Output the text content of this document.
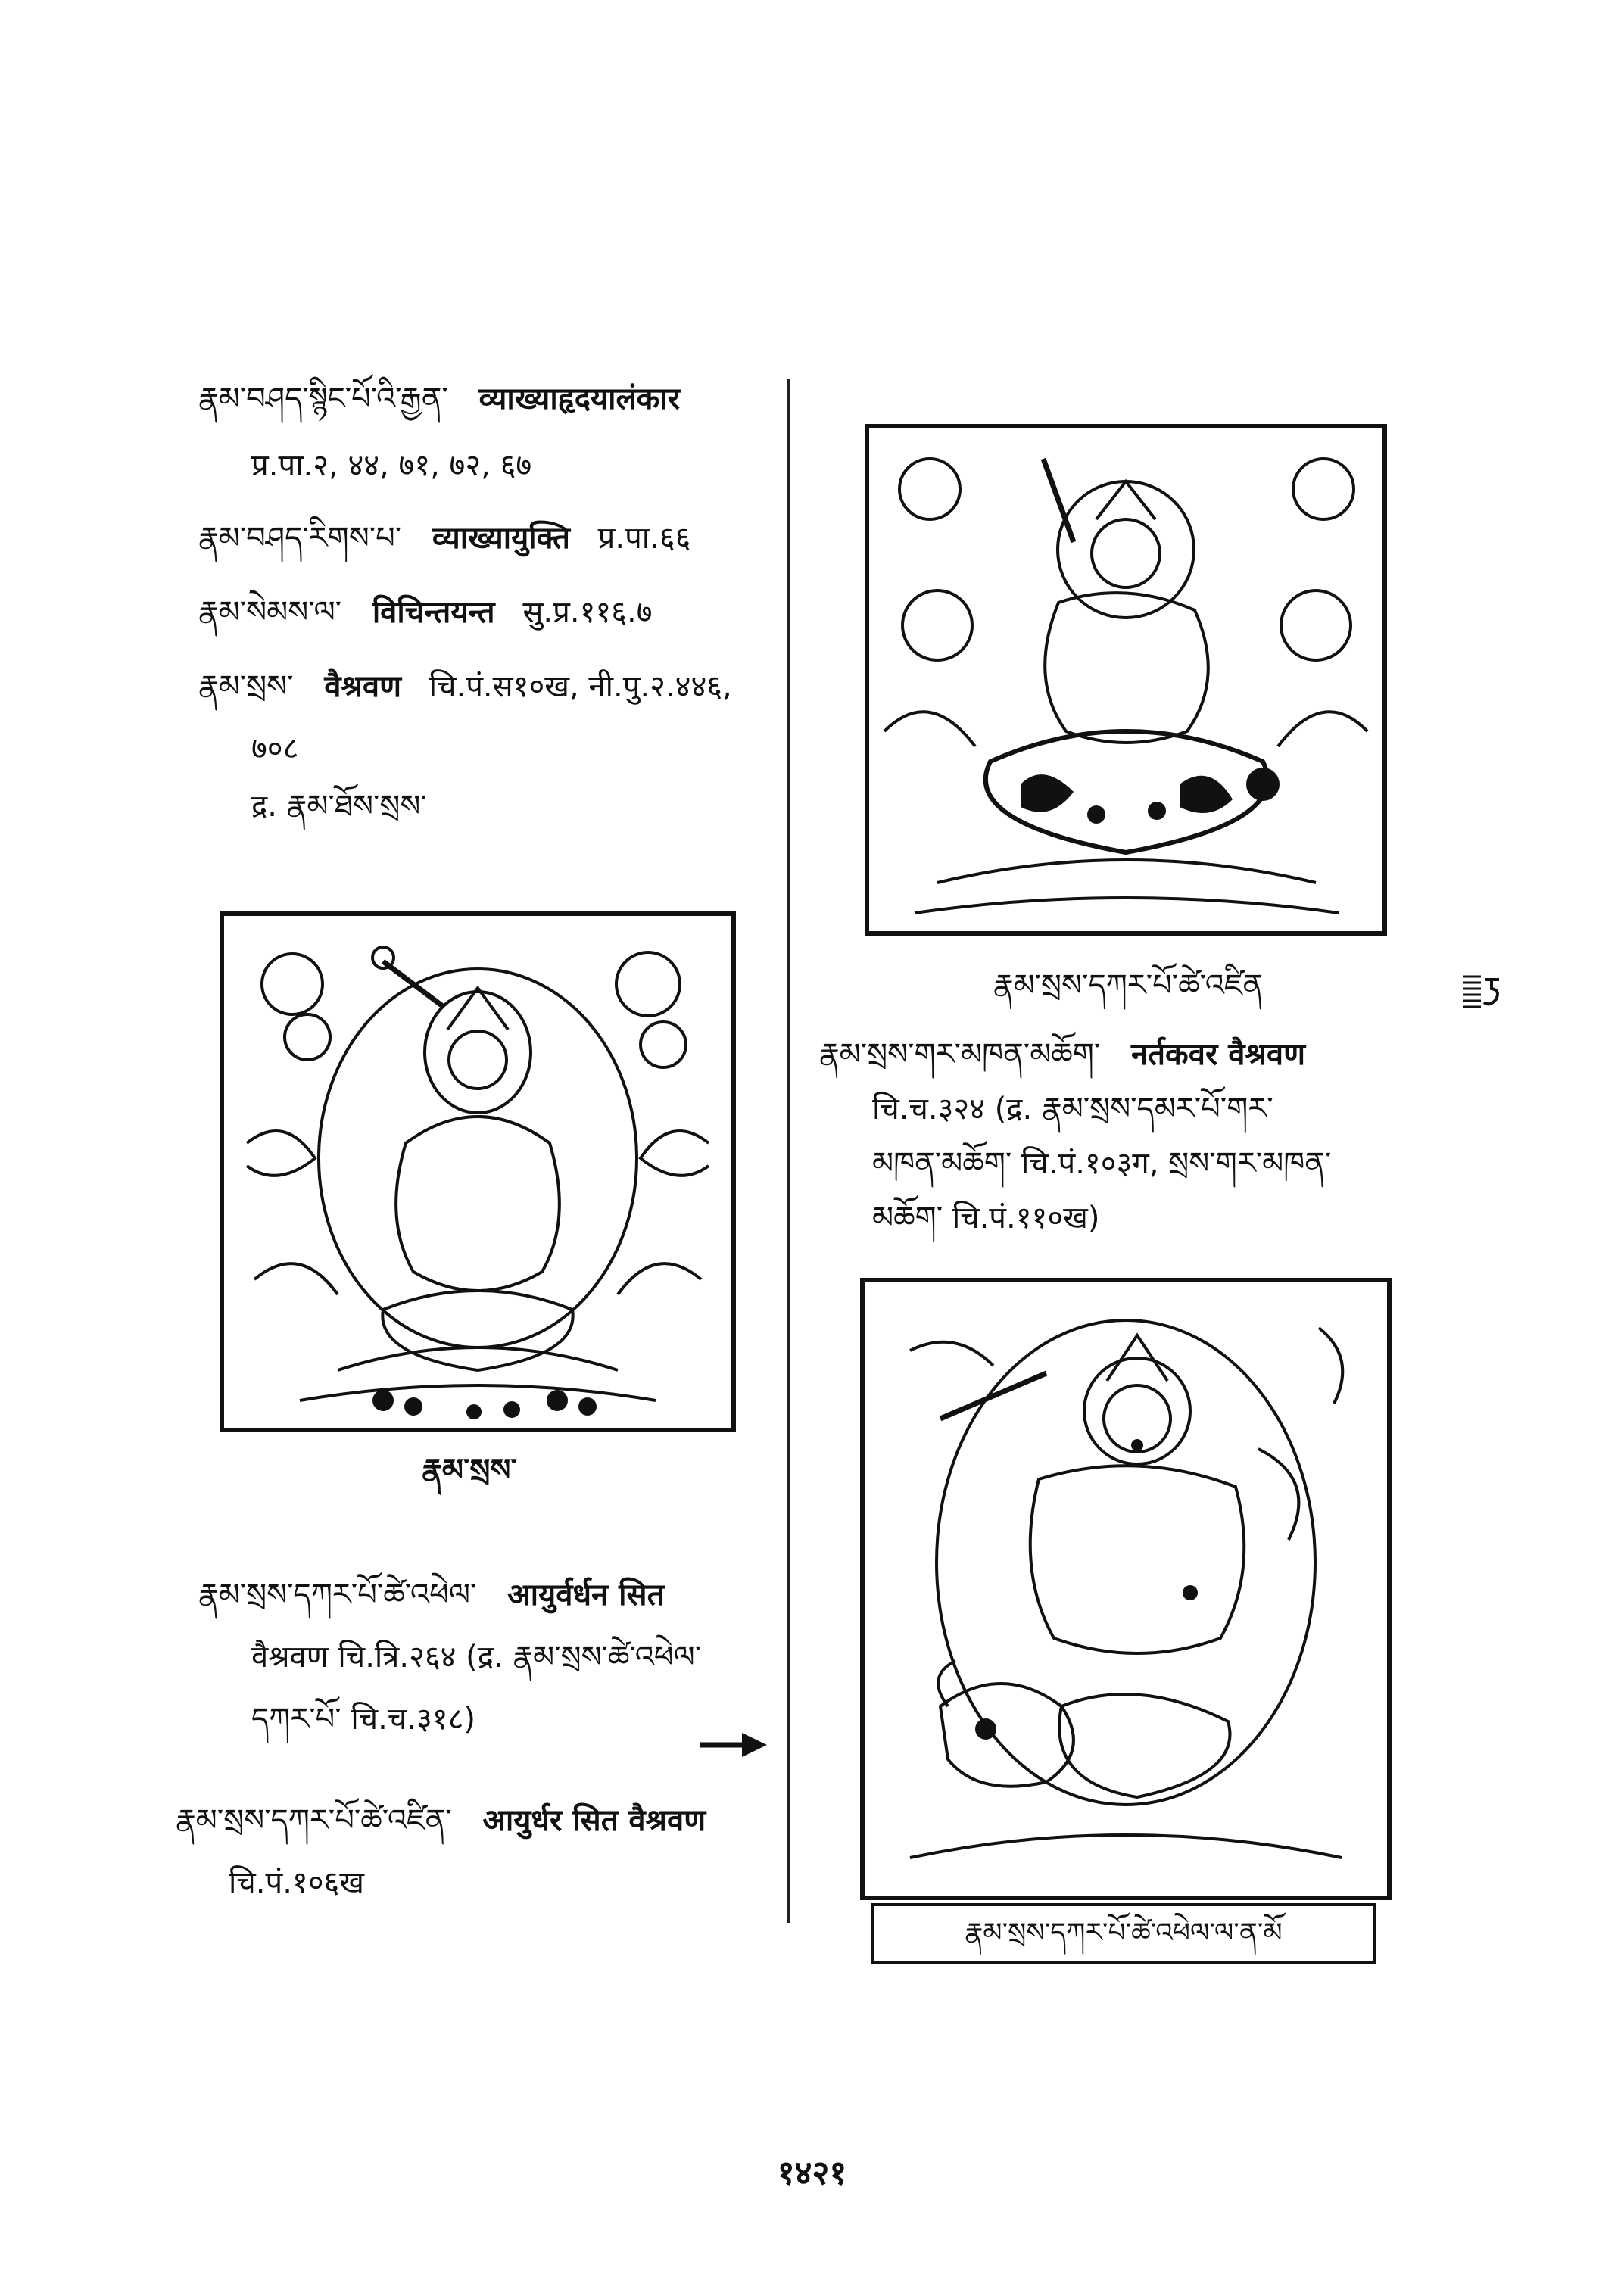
རྣམ་བཤད་སྙིང་པོ་འི་རྒྱན་ व्याख्याहृदयालंकार
प्र.पा.२, ४४, ७१, ७२, ६७
རྣམ་བཤད་རིགས་པ་ व्याख्यायुक्ति प्र.पा.६६
རྣམ་སེམས་ལ་ विचिन्तयन्त सु.प्र.११६.७
རྣམ་སྲས་ वैश्रवण चि.पं.स१०ख, नी.पु.२.४४६,
७०८
द्र. རྣམ་ཐོས་སྲས་
རྣམ་སྲས་
རྣམ་སྲས་དཀར་པོ་ཚེ་འཕེལ་ आयुर्वर्धन सित
वैश्रवण चि.त्रि.२६४ (द्र. རྣམ་སྲས་ཚེ་འཕེལ་
དཀར་པོ་ चि.च.३१८)
རྣམ་སྲས་དཀར་པོ་ཚེ་འཛིན་ आयुर्धर सित वैश्रवण
चि.पं.१०६ख
རྣམ་སྲས་དཀར་པོ་ཚེ་འཛིན
རྣམ་སྲས་གར་མཁན་མཆོག་ नर्तकवर वैश्रवण
चि.च.३२४ (द्र. རྣམ་སྲས་དམར་པོ་གར་
མཁན་མཆོག་ चि.पं.१०३ग, སྲས་གར་མཁན་
མཆོག་ चि.पं.११०ख)
རྣམ་སྲས་དཀར་པོ་ཚེ་འཕེལ་ལ་ན་མོ
१४२१
